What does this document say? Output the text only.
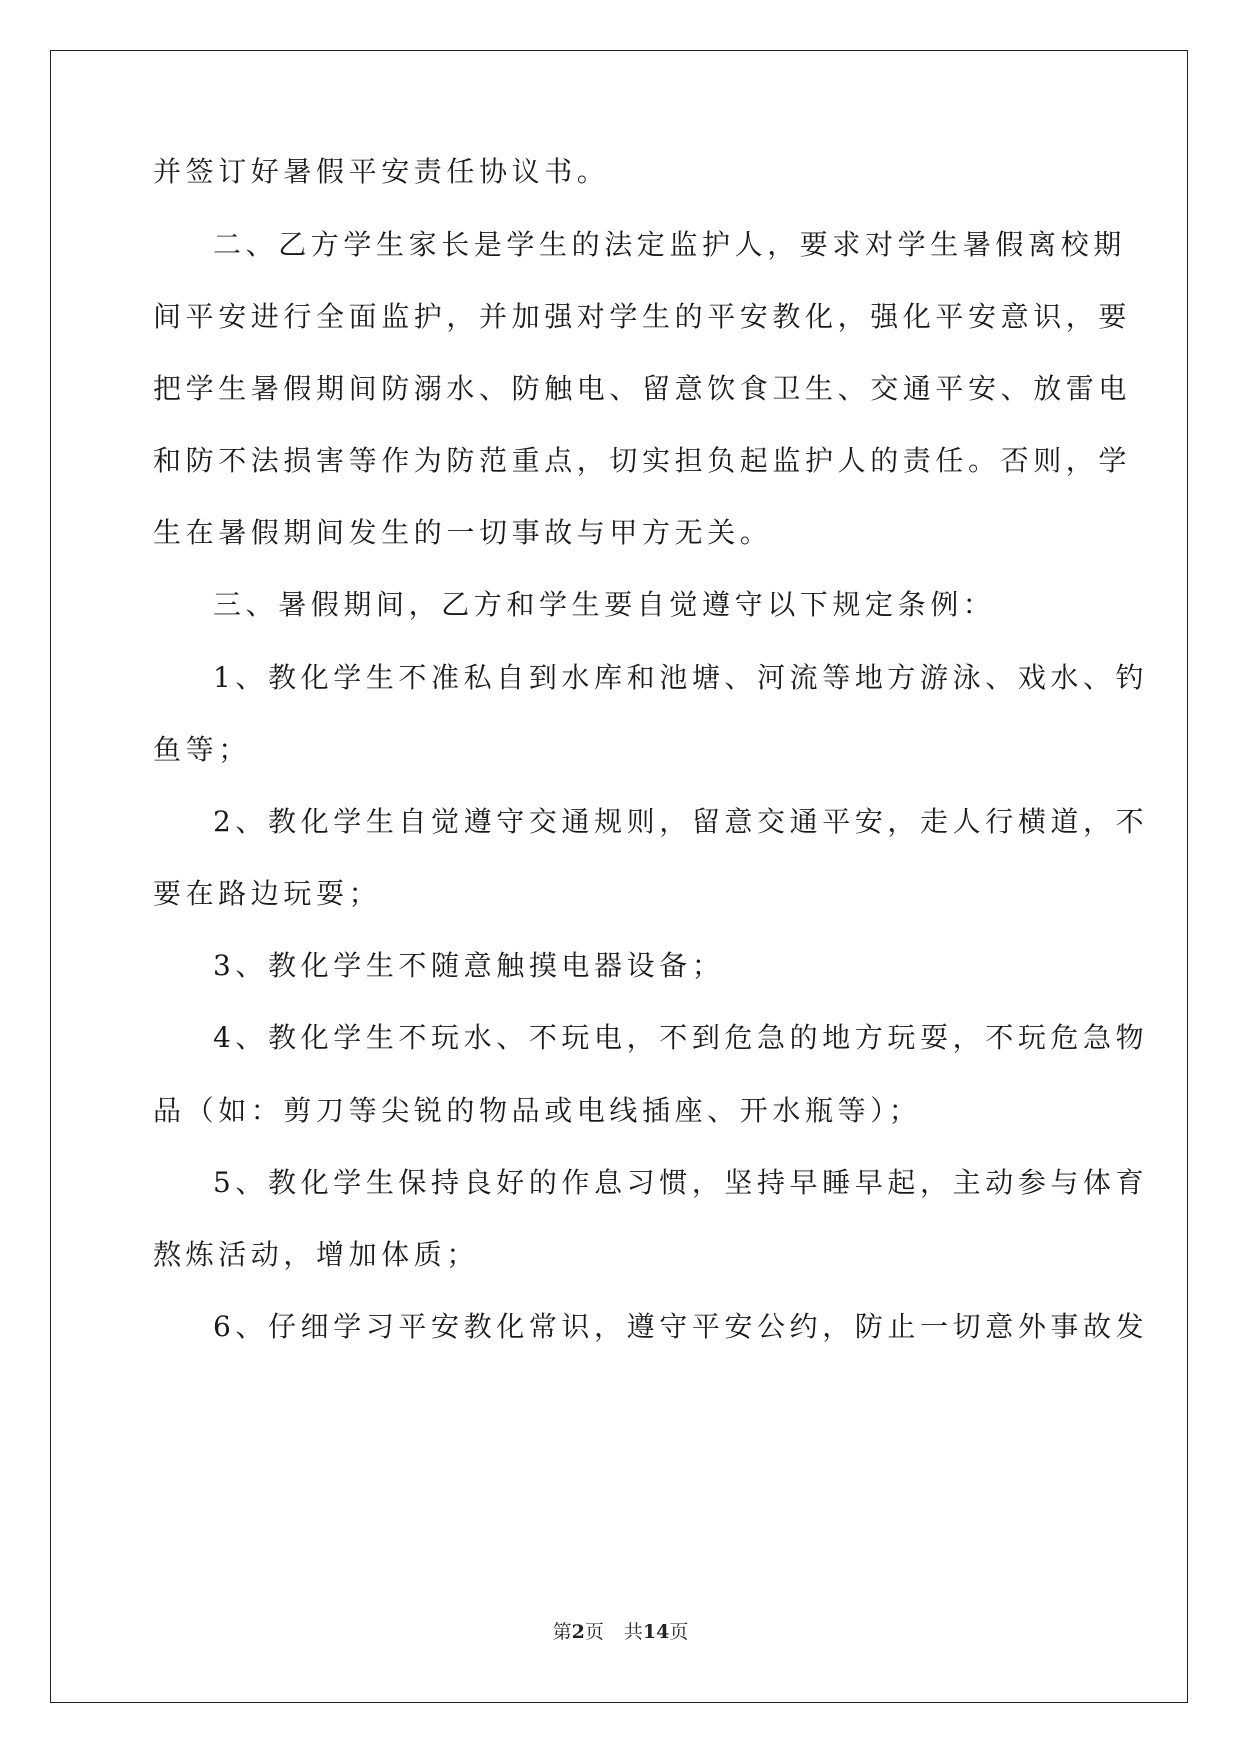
并签订好暑假平安责任协议书。
二、乙方学生家长是学生的法定监护人，要求对学生暑假离校期
间平安进行全面监护，并加强对学生的平安教化，强化平安意识，要
把学生暑假期间防溺水、防触电、留意饮食卫生、交通平安、放雷电
和防不法损害等作为防范重点，切实担负起监护人的责任。否则，学
生在暑假期间发生的一切事故与甲方无关。
三、暑假期间，乙方和学生要自觉遵守以下规定条例：
1、教化学生不准私自到水库和池塘、河流等地方游泳、戏水、钓
鱼等；
2、教化学生自觉遵守交通规则，留意交通平安，走人行横道，不
要在路边玩耍；
3、教化学生不随意触摸电器设备；
4、教化学生不玩水、不玩电，不到危急的地方玩耍，不玩危急物
品（如：剪刀等尖锐的物品或电线插座、开水瓶等）；
5、教化学生保持良好的作息习惯，坚持早睡早起，主动参与体育
熬炼活动，增加体质；
6、仔细学习平安教化常识，遵守平安公约，防止一切意外事故发
第2页 共14页
